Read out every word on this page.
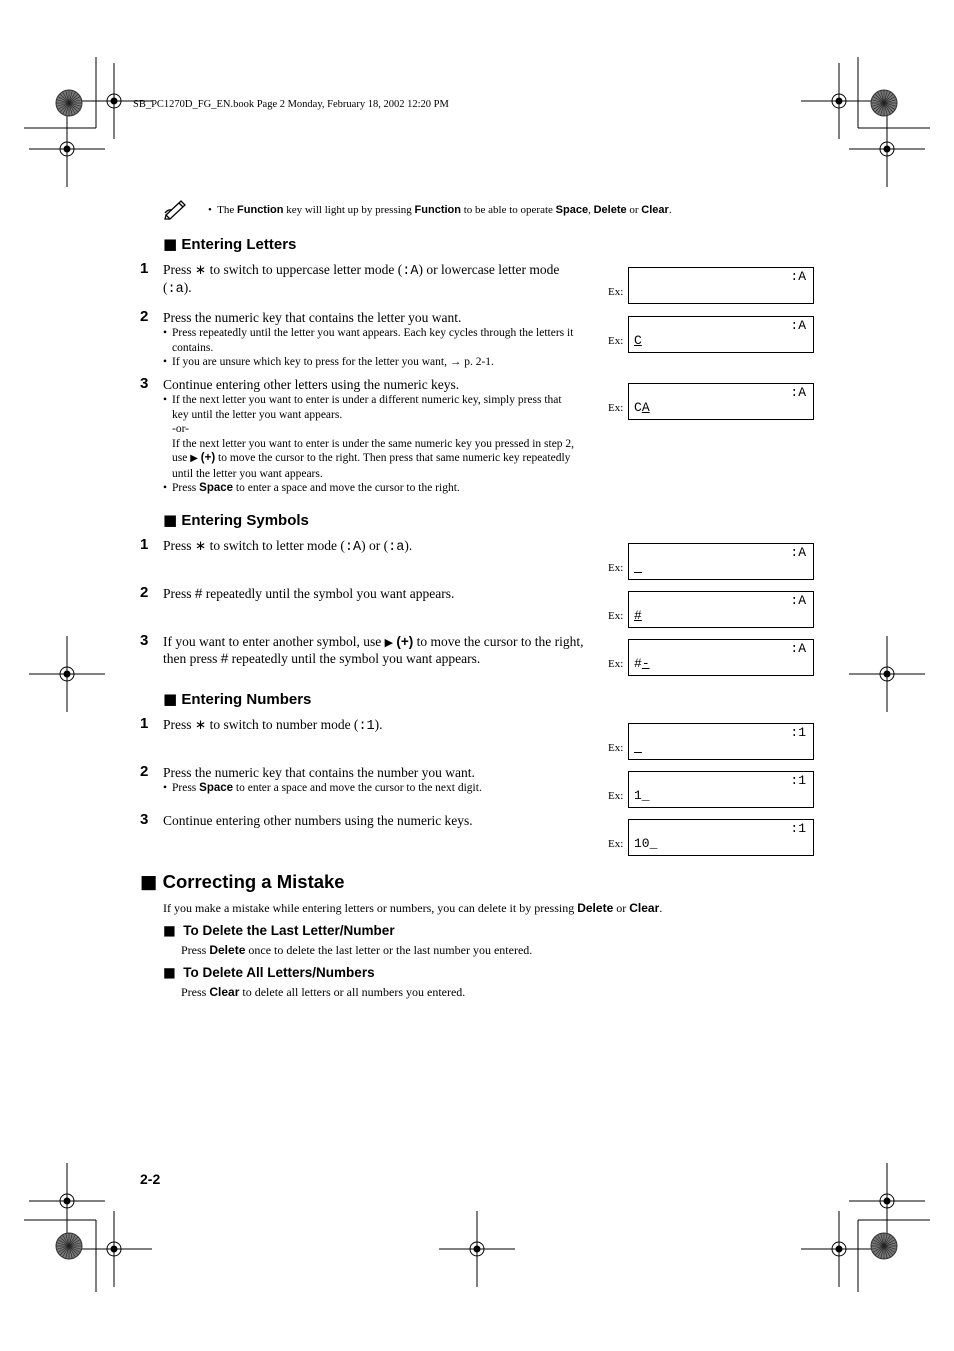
SB_PC1270D_FG_EN.book Page 2 Monday, February 18, 2002 12:20 PM
• The Function key will light up by pressing Function to be able to operate Space, Delete or Clear.
■ Entering Letters
1 Press ∗ to switch to uppercase letter mode (:A) or lowercase letter mode (:a).
2 Press the numeric key that contains the letter you want.
• Press repeatedly until the letter you want appears. Each key cycles through the letters it contains.
• If you are unsure which key to press for the letter you want, → p. 2-1.
3 Continue entering other letters using the numeric keys.
• If the next letter you want to enter is under a different numeric key, simply press that key until the letter you want appears.
-or-
If the next letter you want to enter is under the same numeric key you pressed in step 2, use ▶ (+) to move the cursor to the right. Then press that same numeric key repeatedly until the letter you want appears.
• Press Space to enter a space and move the cursor to the right.
■ Entering Symbols
1 Press ∗ to switch to letter mode (:A) or (:a).
2 Press # repeatedly until the symbol you want appears.
3 If you want to enter another symbol, use ▶ (+) to move the cursor to the right, then press # repeatedly until the symbol you want appears.
■ Entering Numbers
1 Press ∗ to switch to number mode (:1).
2 Press the numeric key that contains the number you want.
• Press Space to enter a space and move the cursor to the next digit.
3 Continue entering other numbers using the numeric keys.
Ex:
:A
Ex:
:A
C
Ex:
:A
CA
Ex:
:A
_
Ex:
:A
#
Ex:
:A
#-
Ex:
:1
_
Ex:
:1
1_
Ex:
:1
10_
■ Correcting a Mistake
If you make a mistake while entering letters or numbers, you can delete it by pressing Delete or Clear.
■ To Delete the Last Letter/Number
Press Delete once to delete the last letter or the last number you entered.
■ To Delete All Letters/Numbers
Press Clear to delete all letters or all numbers you entered.
2-2
